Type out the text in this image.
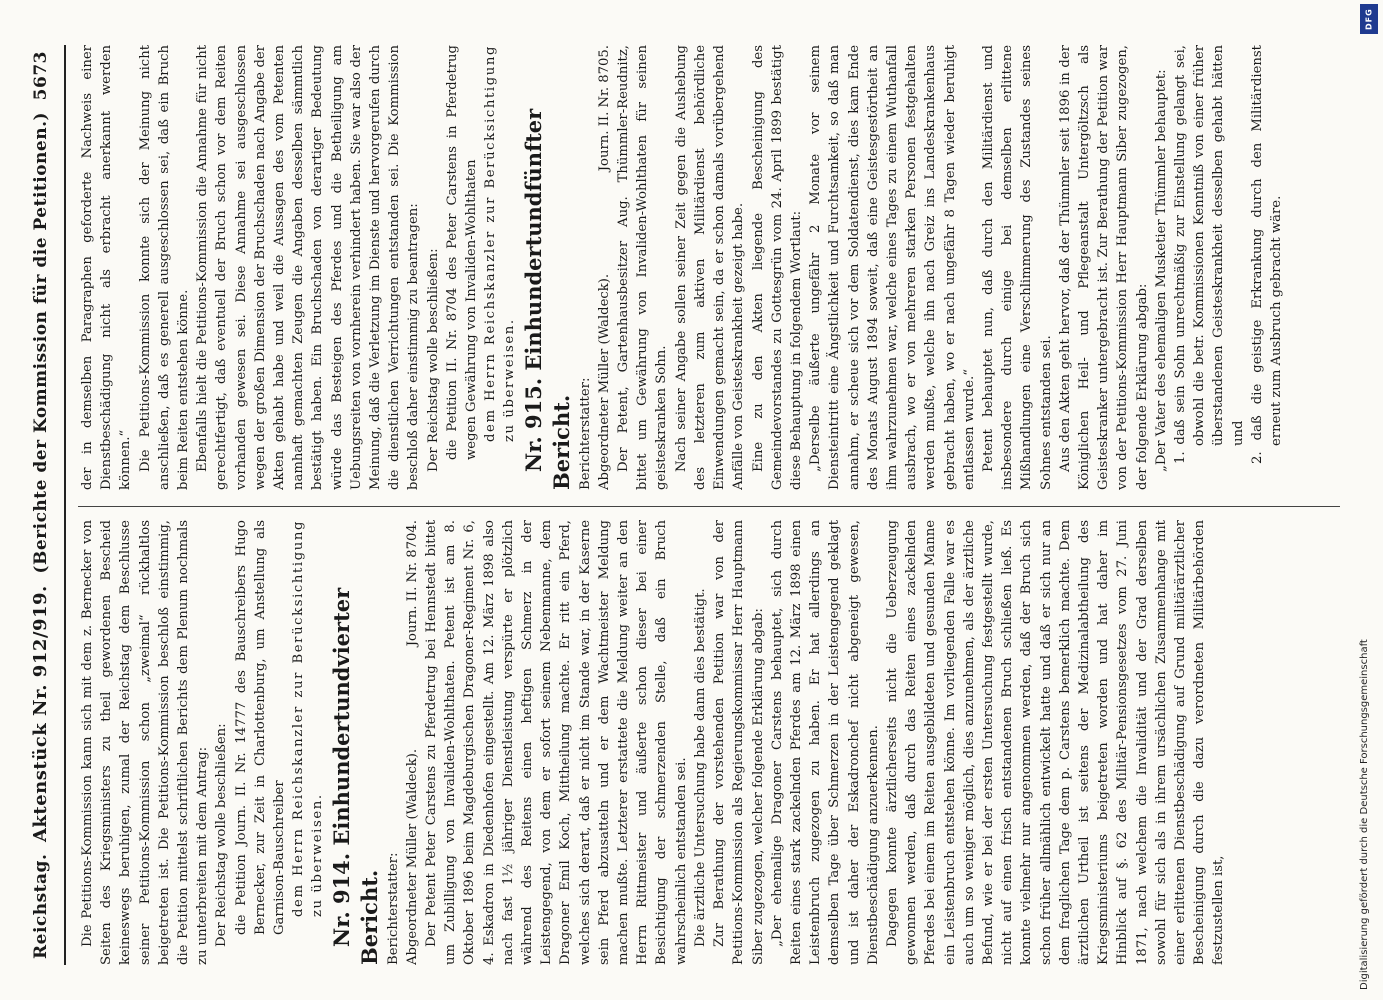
Reichstag.
Aktenstück Nr. 912/919.
(Berichte der Kommission für die Petitionen.)
5673

Die Petitions-Kommission kann sich mit dem z. Bernecker von Seiten des Kriegsministers zu theil gewordenen Bescheid keineswegs beruhigen, zumal der Reichstag dem Beschlusse seiner Petitions-Kommission schon „zweimal“ rückhaltlos beigetreten ist. Die Petitions-Kommission beschloß einstimmig, die Petition mittelst schriftlichen Berichts dem Plenum nochmals zu unterbreiten mit dem Antrag: Der Reichstag wolle beschließen: die Petition Journ. II. Nr. 14777 des Bauschreibers Hugo Bernecker, zur Zeit in Charlottenburg, um Anstellung als Garnison-Bauschreiber dem Herrn Reichskanzler zur Berücksichtigung zu überweisen. Nr. 914. Einhundertundvierter Bericht. Berichterstatter: Abgeordneter Müller (Waldeck).
Journ. II. Nr. 8704. Der Petent Peter Carstens zu Pferdetrug bei Hennstedt bittet um Zubilligung von Invaliden-Wohlthaten. Petent ist am 8. Oktober 1896 beim Magdeburgischen Dragoner-Regiment Nr. 6, 4. Eskadron in Diedenhofen eingestellt. Am 12. März 1898 also nach fast 1½ jähriger Dienstleistung verspürte er plötzlich während des Reitens einen heftigen Schmerz in der Leistengegend, von dem er sofort seinem Nebenmanne, dem Dragoner Emil Koch, Mittheilung machte. Er ritt ein Pferd, welches sich derart, daß er nicht im Stande war, in der Kaserne sein Pferd abzusatteln und er dem Wachtmeister Meldung machen mußte. Letzterer erstattete die Meldung weiter an den Herrn Rittmeister und äußerte schon dieser bei einer Besichtigung der schmerzenden Stelle, daß ein Bruch wahrscheinlich entstanden sei. Die ärztliche Untersuchung habe dann dies bestätigt. Zur Berathung der vorstehenden Petition war von der Petitions-Kommission als Regierungskommissar Herr Hauptmann Siber zugezogen, welcher folgende Erklärung abgab: „Der ehemalige Dragoner Carstens behauptet, sich durch Reiten eines stark zackelnden Pferdes am 12. März 1898 einen Leistenbruch zugezogen zu haben. Er hat allerdings an demselben Tage über Schmerzen in der Leistengegend geklagt und ist daher der Eskadronchef nicht abgeneigt gewesen, Dienstbeschädigung anzuerkennen. Dagegen konnte ärztlicherseits nicht die Ueberzeugung gewonnen werden, daß durch das Reiten eines zackelnden Pferdes bei einem im Reiten ausgebildeten und gesunden Manne ein Leistenbruch entstehen könne. Im vorliegenden Falle war es auch um so weniger möglich, dies anzunehmen, als der ärztliche Befund, wie er bei der ersten Untersuchung festgestellt wurde, nicht auf einen frisch entstandenen Bruch schließen ließ. Es konnte vielmehr nur angenommen werden, daß der Bruch sich schon früher allmählich entwickelt hatte und daß er sich nur an dem fraglichen Tage dem p. Carstens bemerklich machte. Dem ärztlichen Urtheil ist seitens der Medizinalabtheilung des Kriegsministeriums beigetreten worden und hat daher im Hinblick auf §. 62 des Militär-Pensionsgesetzes vom 27. Juni 1871, nach welchem die Invalidität und der Grad derselben sowohl für sich als in ihrem ursächlichen Zusammenhange mit einer erlittenen Dienstbeschädigung auf Grund militärärztlicher Bescheinigung durch die dazu verordneten Militärbehörden festzustellen ist,

der in demselben Paragraphen geforderte Nachweis einer Dienstbeschädigung nicht als erbracht anerkannt werden können.“ Die Petitions-Kommission konnte sich der Meinung nicht anschließen, daß es generell ausgeschlossen sei, daß ein Bruch beim Reiten entstehen könne. Ebenfalls hielt die Petitions-Kommission die Annahme für nicht gerechtfertigt, daß eventuell der Bruch schon vor dem Reiten vorhanden gewesen sei. Diese Annahme sei ausgeschlossen wegen der großen Dimension der Bruchschaden nach Angabe der Akten gehabt habe und weil die Aussagen des vom Petenten namhaft gemachten Zeugen die Angaben desselben sämmtlich bestätigt haben. Ein Bruchschaden von derartiger Bedeutung würde das Besteigen des Pferdes und die Betheiligung am Uebungsreiten von vornherein verhindert haben. Sie war also der Meinung, daß die Verletzung im Dienste und hervorgerufen durch die dienstlichen Verrichtungen entstanden sei. Die Kommission beschloß daher einstimmig zu beantragen: Der Reichstag wolle beschließen: die Petition II. Nr. 8704 des Peter Carstens in Pferdetrug wegen Gewährung von Invaliden-Wohlthaten dem Herrn Reichskanzler zur Berücksichtigung zu überweisen. Nr. 915. Einhundertundfünfter Bericht. Berichterstatter: Abgeordneter Müller (Waldeck).
Journ. II. Nr. 8705. Der Petent, Gartenhausbesitzer Aug. Thümmler-Reudnitz, bittet um Gewährung von Invaliden-Wohlthaten für seinen geisteskranken Sohn. Nach seiner Angabe sollen seiner Zeit gegen die Aushebung des letzteren zum aktiven Militärdienst behördliche Einwendungen gemacht sein, da er schon damals vorübergehend Anfälle von Geisteskrankheit gezeigt habe. Eine zu den Akten liegende Bescheinigung des Gemeindevorstandes zu Gottesgrün vom 24. April 1899 bestätigt diese Behauptung in folgendem Wortlaut: „Derselbe äußerte ungefähr 2 Monate vor seinem Diensteintritt eine Ängstlichkeit und Furchtsamkeit, so daß man annahm, er scheue sich vor dem Soldatendienst, dies kam Ende des Monats August 1894 soweit, daß eine Geistesgestörtheit an ihm wahrzunehmen war, welche eines Tages zu einem Wuthanfall ausbrach, wo er von mehreren starken Personen festgehalten werden mußte, welche ihn nach Greiz ins Landeskrankenhaus gebracht haben, wo er nach ungefähr 8 Tagen wieder beruhigt entlassen wurde.“ Petent behauptet nun, daß durch den Militärdienst und insbesondere durch einige bei demselben erlittene Mißhandlungen eine Verschlimmerung des Zustandes seines Sohnes entstanden sei. Aus den Akten geht hervor, daß der Thümmler seit 1896 in der Königlichen Heil- und Pflegeanstalt Untergöltzsch als Geisteskranker untergebracht ist. Zur Berathung der Petition war von der Petitions-Kommission Herr Hauptmann Siber zugezogen, der folgende Erklärung abgab: „Der Vater des ehemaligen Musketier Thümmler behauptet: 1. daß sein Sohn unrechtmäßig zur Einstellung gelangt sei, obwohl die betr. Kommissionen Kenntniß von einer früher überstandenen Geisteskrankheit desselben gehabt hätten und 2. daß die geistige Erkrankung durch den Militärdienst erneut zum Ausbruch gebracht wäre.

DFG
Digitalisierung gefördert durch die Deutsche Forschungsgemeinschaft
